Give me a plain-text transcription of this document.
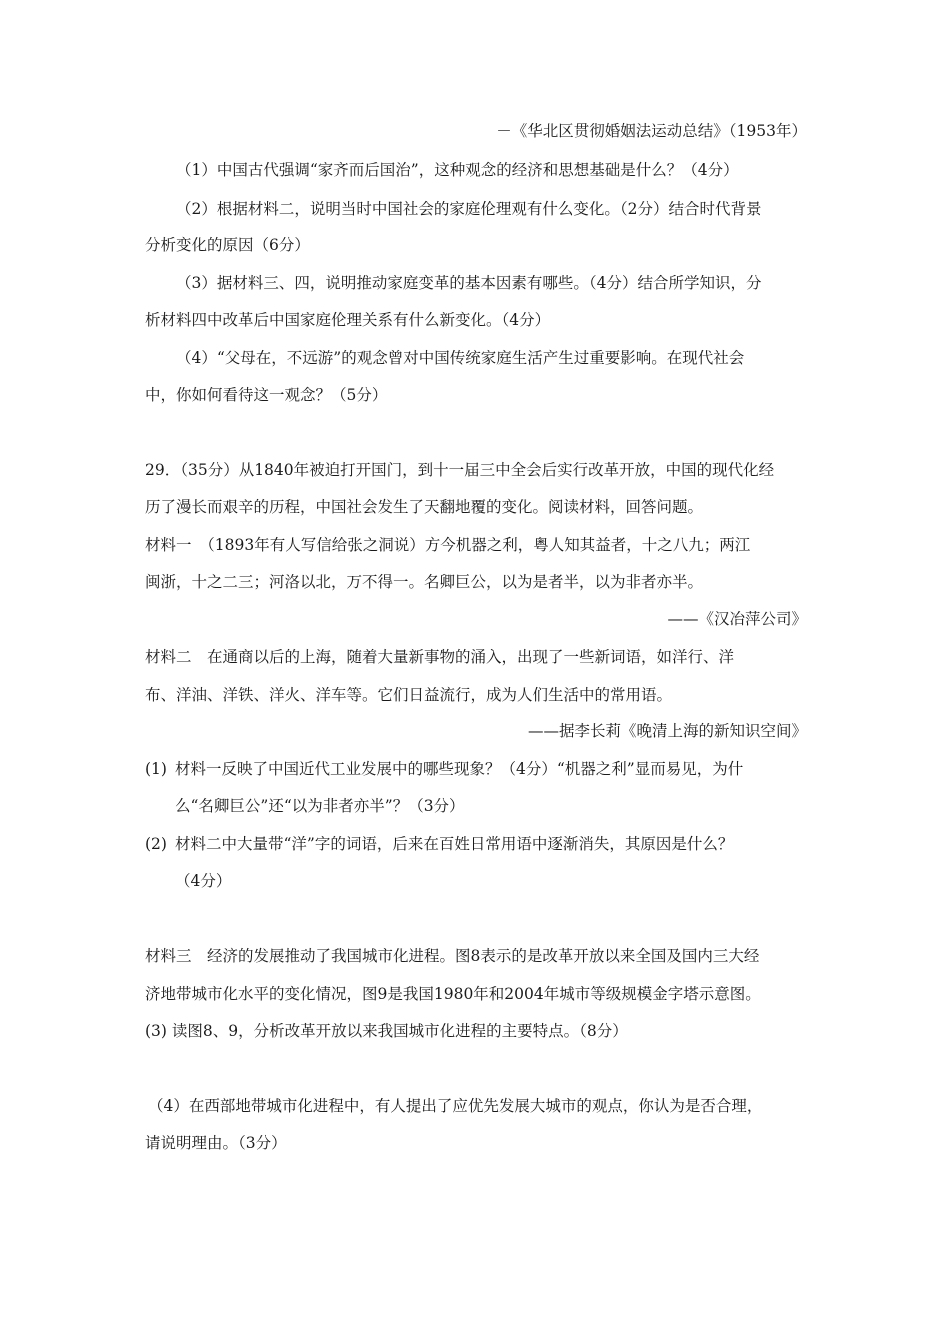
－《华北区贯彻婚姻法运动总结》（1953年）
（1）中国古代强调“家齐而后国治”，这种观念的经济和思想基础是什么？（4分）
（2）根据材料二，说明当时中国社会的家庭伦理观有什么变化。（2分）结合时代背景
分析变化的原因（6分）
（3）据材料三、四，说明推动家庭变革的基本因素有哪些。（4分）结合所学知识，分
析材料四中改革后中国家庭伦理关系有什么新变化。（4分）
（4）“父母在，不远游”的观念曾对中国传统家庭生活产生过重要影响。在现代社会
中，你如何看待这一观念？（5分）
29．（35分）从1840年被迫打开国门，到十一届三中全会后实行改革开放，中国的现代化经
历了漫长而艰辛的历程，中国社会发生了天翻地覆的变化。阅读材料，回答问题。
材料一　（1893年有人写信给张之洞说）方今机器之利，粤人知其益者，十之八九；两江
闽浙，十之二三；河洛以北，万不得一。名卿巨公，以为是者半，以为非者亦半。
——《汉冶萍公司》
材料二　在通商以后的上海，随着大量新事物的涌入，出现了一些新词语，如洋行、洋
布、洋油、洋铁、洋火、洋车等。它们日益流行，成为人们生活中的常用语。
——据李长莉《晚清上海的新知识空间》
(1) 材料一反映了中国近代工业发展中的哪些现象？（4分）“机器之利”显而易见，为什
么“名卿巨公”还“以为非者亦半”？（3分）
(2) 材料二中大量带“洋”字的词语，后来在百姓日常用语中逐渐消失，其原因是什么？
（4分）
材料三　经济的发展推动了我国城市化进程。图8表示的是改革开放以来全国及国内三大经
济地带城市化水平的变化情况，图9是我国1980年和2004年城市等级规模金字塔示意图。
(3) 读图8、9，分析改革开放以来我国城市化进程的主要特点。（8分）
（4）在西部地带城市化进程中，有人提出了应优先发展大城市的观点，你认为是否合理，
请说明理由。（3分）
